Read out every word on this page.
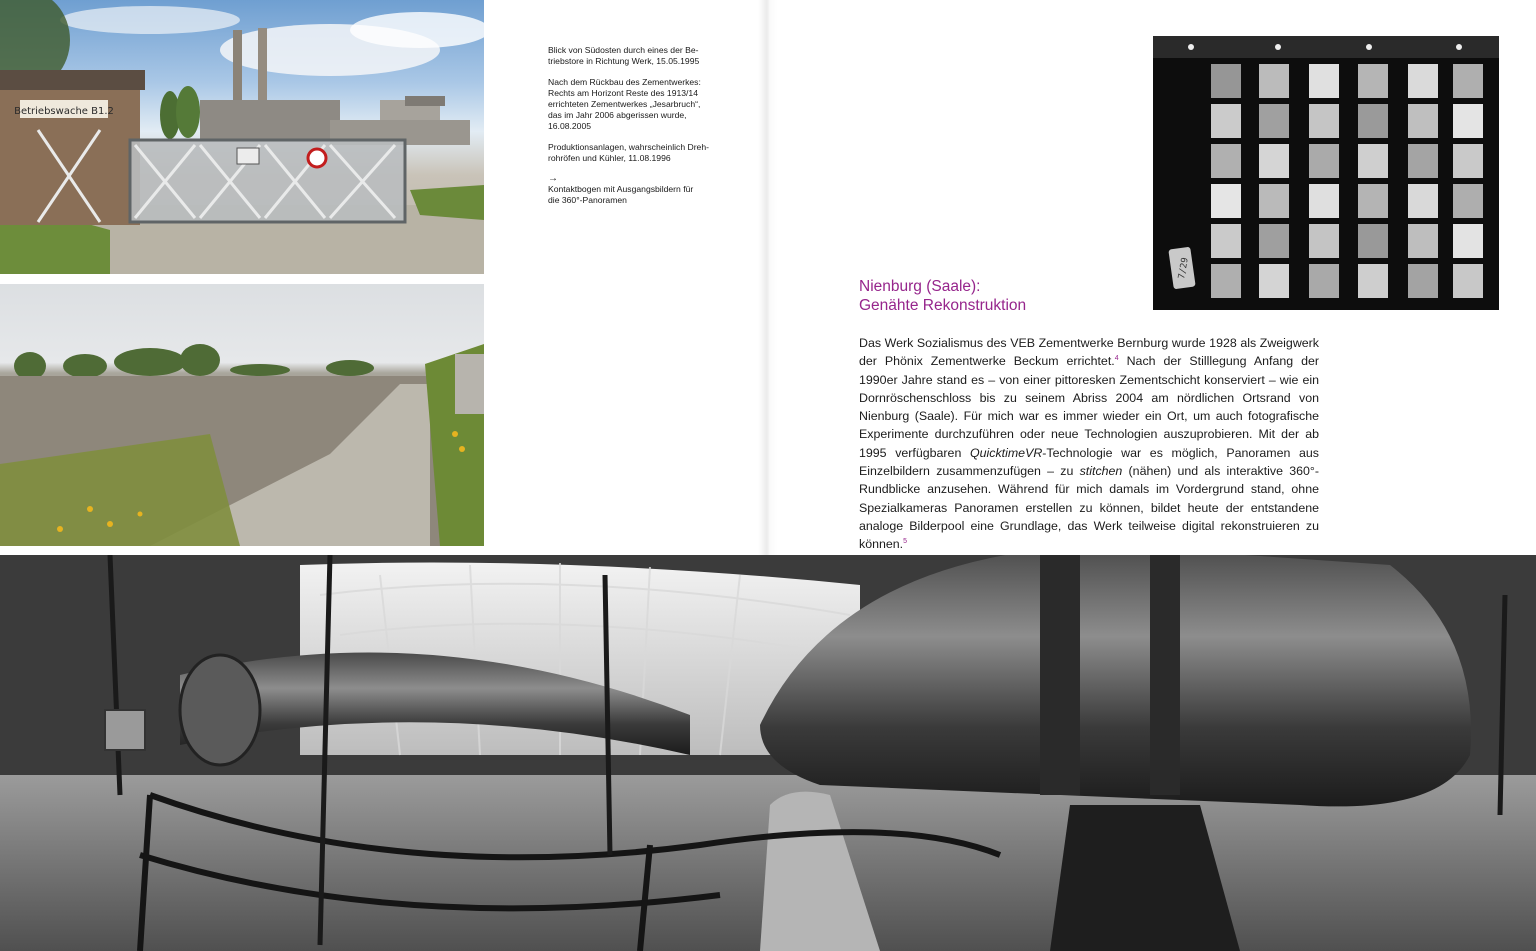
Betriebswache B1.2
7/29

Blick von Südosten durch eines der Be-
triebstore in Richtung Werk, 15.05.1995

Nach dem Rückbau des Zementwerkes:
Rechts am Horizont Reste des 1913/14
errichteten Zementwerkes „Jesarbruch“,
das im Jahr 2006 abgerissen wurde,
16.08.2005

Produktionsanlagen, wahrscheinlich Dreh-
rohröfen und Kühler, 11.08.1996

→

Kontaktbogen mit Ausgangsbildern für
die 360°-Panoramen

Nienburg (Saale):
Genähte Rekonstruktion

Das Werk Sozialismus des VEB Zementwerke Bernburg wurde 1928 als Zweigwerk der Phönix Zementwerke Beckum errichtet.$^4$ Nach der Stilllegung Anfang der 1990er Jahre stand es – von einer pittoresken Zementschicht konserviert – wie ein Dornröschenschloss bis zu seinem Abriss 2004 am nördlichen Ortsrand von Nienburg (Saale). Für mich war es immer wieder ein Ort, um auch fotografische Experimente durchzuführen oder neue Technologien auszuprobieren. Mit der ab 1995 verfügbaren QuicktimeVR-Technologie war es möglich, Panoramen aus Einzelbildern zusammenzufügen – zu stitchen (nähen) und als interaktive 360°-Rundblicke anzusehen. Während für mich damals im Vordergrund stand, ohne Spezialkameras Panoramen erstellen zu können, bildet heute der entstandene analoge Bilderpool eine Grundlage, das Werk teilweise digital rekonstruieren zu können.$^5$
